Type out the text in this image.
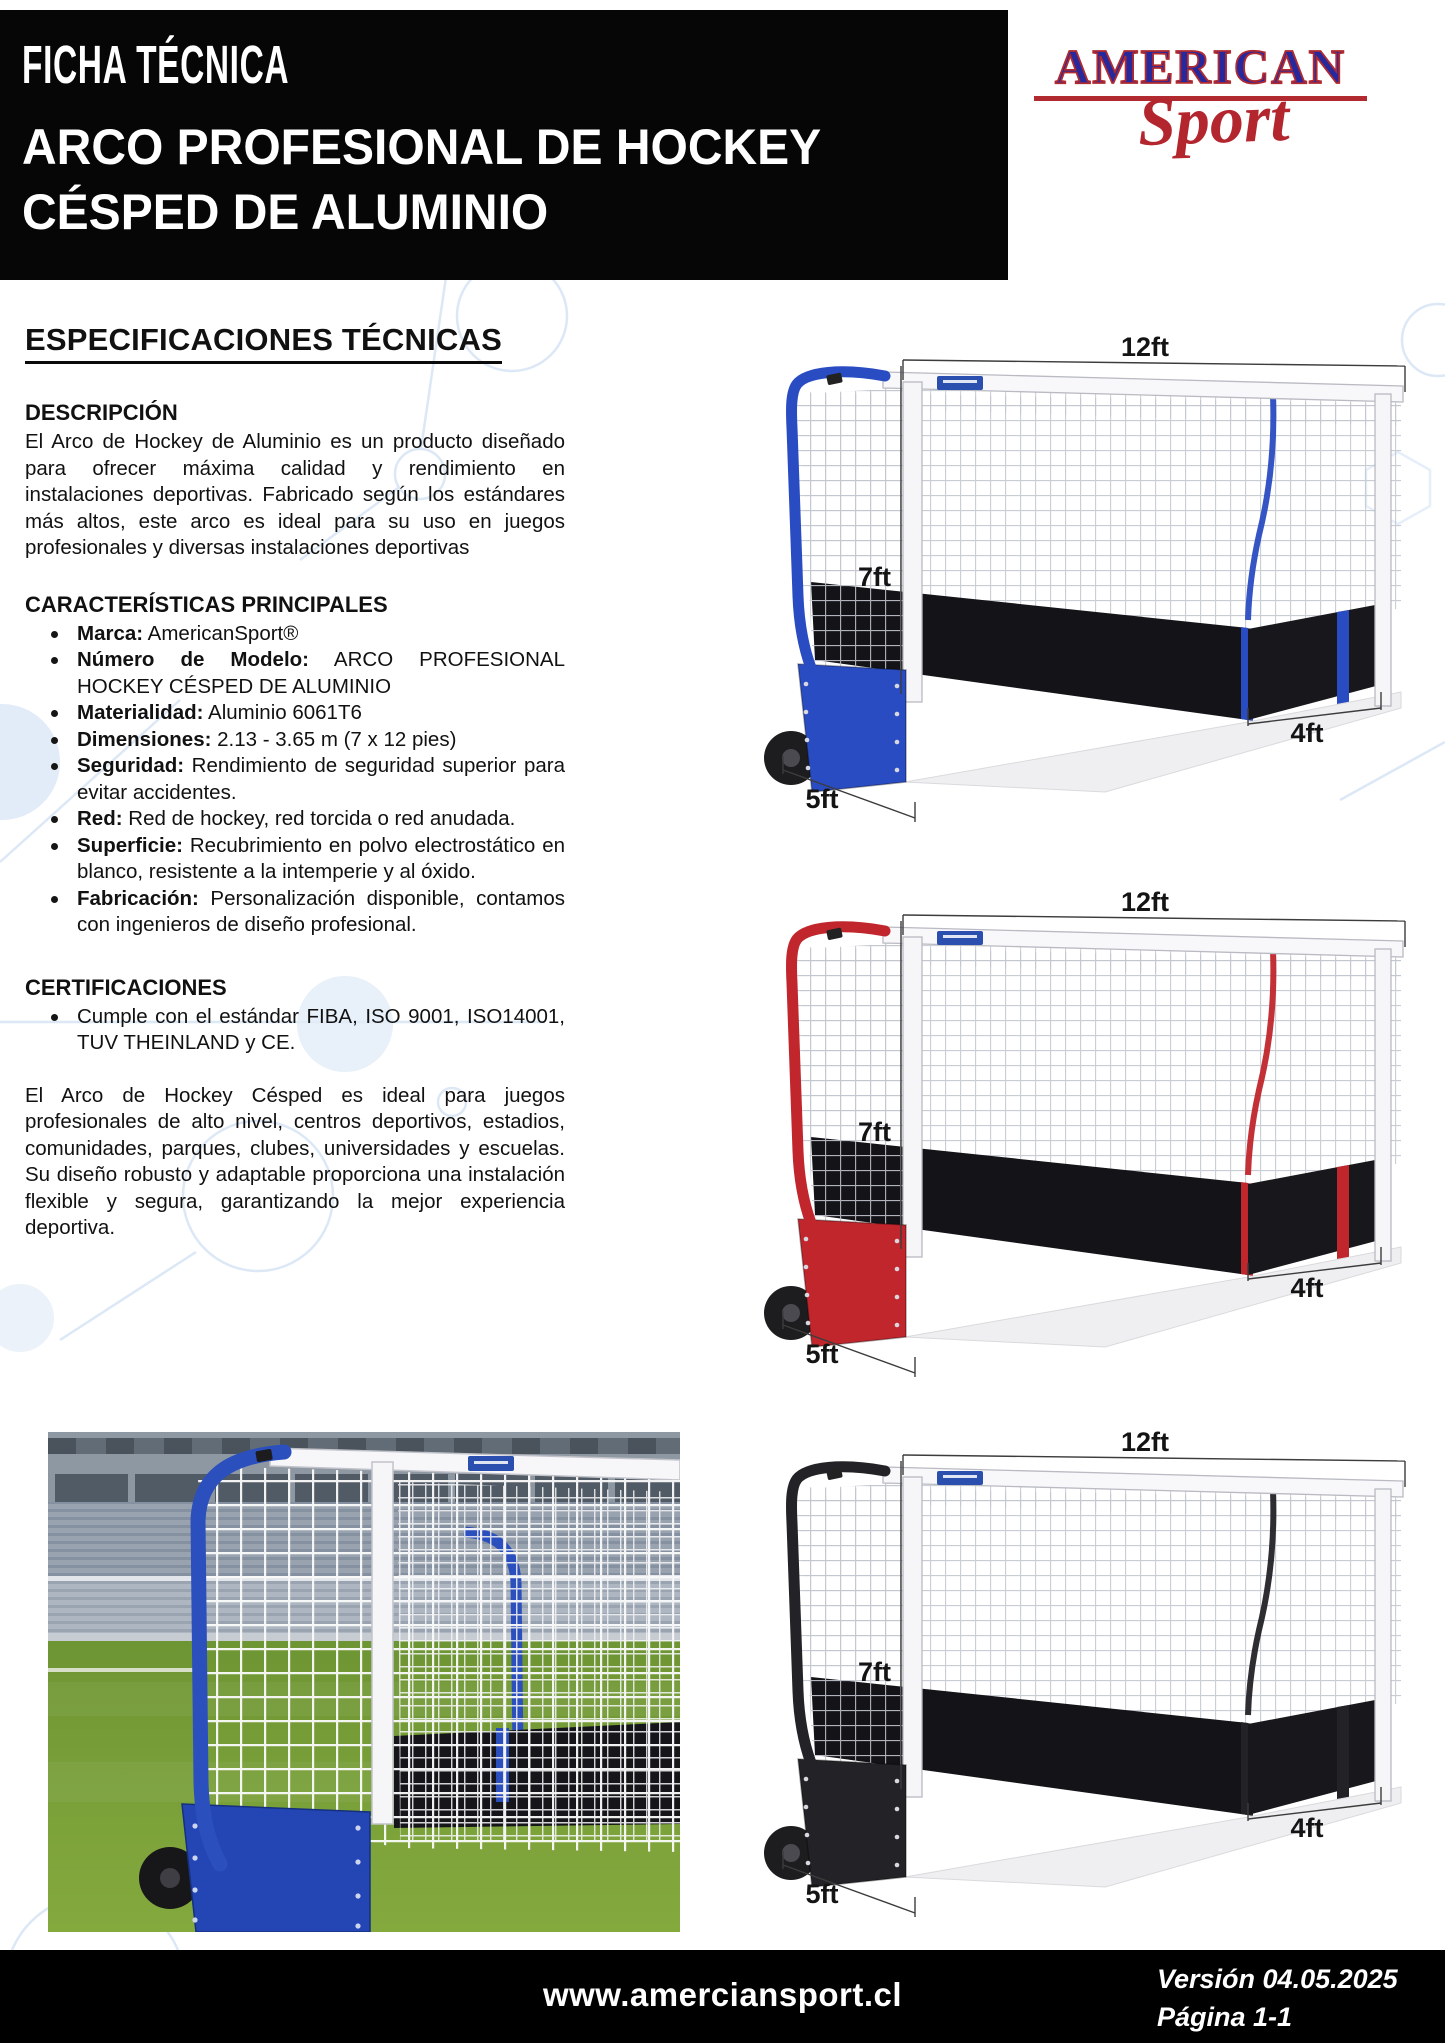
FICHA TÉCNICA
ARCO PROFESIONAL DE HOCKEY
CÉSPED DE ALUMINIO
AMERICAN
Sport
ESPECIFICACIONES TÉCNICAS
DESCRIPCIÓN

El Arco de Hockey de Aluminio es un producto diseñado para ofrecer máxima calidad y rendimiento en instalaciones deportivas. Fabricado según los estándares más altos, este arco es ideal para su uso en juegos profesionales y diversas instalaciones deportivas

CARACTERÍSTICAS PRINCIPALES
Marca: AmericanSport®
Número de Modelo: ARCO PROFESIONAL HOCKEY CÉSPED DE ALUMINIO
Materialidad: Aluminio 6061T6
Dimensiones: 2.13 - 3.65 m (7 x 12 pies)
Seguridad: Rendimiento de seguridad superior para evitar accidentes.
Red: Red de hockey, red torcida o red anudada.
Superficie: Recubrimiento en polvo electrostático en blanco, resistente a la intemperie y al óxido.
Fabricación: Personalización disponible, contamos con ingenieros de diseño profesional.
CERTIFICACIONES
Cumple con el estándar FIBA, ISO 9001, ISO14001, TUV THEINLAND y CE.

El Arco de Hockey Césped es ideal para juegos profesionales de alto nivel, centros deportivos, estadios, comunidades, parques, clubes, universidades y escuelas. Su diseño robusto y adaptable proporciona una instalación flexible y segura, garantizando la mejor experiencia deportiva.

12ft
7ft
5ft
4ft
12ft
7ft
5ft
4ft
12ft
7ft
5ft
4ft
www.amerciansport.cl	Versión 04.05.2025
Página 1-1
